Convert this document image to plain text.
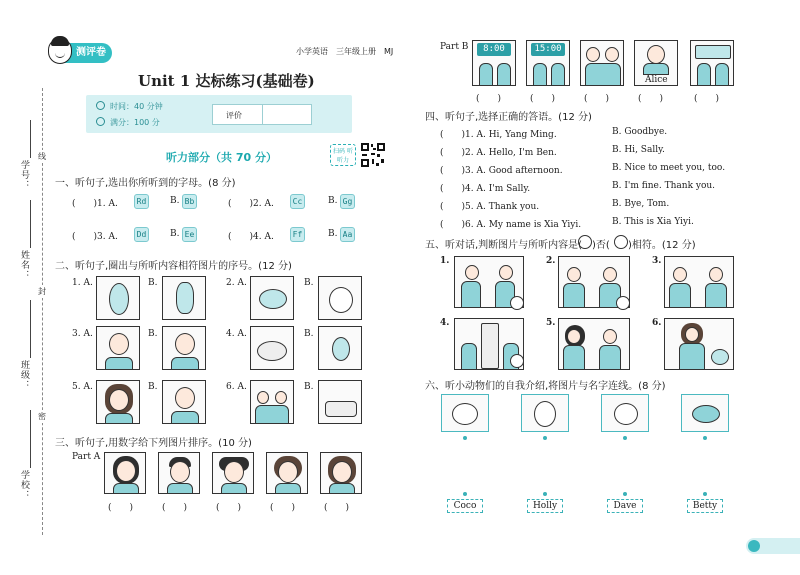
学号：
姓名：
班级：
学校：
线
封
密
测评卷	小学英语　三年级上册　MJ
Unit 1 达标练习(基础卷)
时间：40 分钟
满分：100 分
评价
听力部分（共 70 分）	扫码 听听力
一、听句子,选出你所听到的字母。(8 分)
(　　)1. A.	Rd	B. Bb	(　　)2. A.	Cc	B. Gg
(　　)3. A.	Dd	B. Ee	(　　)4. A.	Ff	B. Aa
二、听句子,圈出与所听内容相符图片的序号。(12 分)
1. A.	B.	2. A.	B.
3. A.	B.	4. A.	B.
5. A.	B.	6. A.	B.
三、听句子,用数字给下列图片排序。(10 分)
Part A
(　　)	(　　)	(　　)	(　　)	(　　)
Part B	8:00	15:00
Alice
(　　)	(　　)	(　　)	(　　)	(　　)
四、听句子,选择正确的答语。(12 分)
(　　)1. A. Hi, Yang Ming.	B. Goodbye.
(　　)2. A. Hello, I'm Ben.	B. Hi, Sally.
(　　)3. A. Good afternoon.	B. Nice to meet you, too.
(　　)4. A. I'm Sally.	B. I'm fine. Thank you.
(　　)5. A. Thank you.	B. Bye, Tom.
(　　)6. A. My name is Xia Yiyi.	B. This is Xia Yiyi.
五、听对话,判断图片与所听内容是( )否( )相符。(12 分)
1.	2.	3.
4.	5.	6.
六、听小动物们的自我介绍,将图片与名字连线。(8 分)
Coco	Holly	Dave	Betty
